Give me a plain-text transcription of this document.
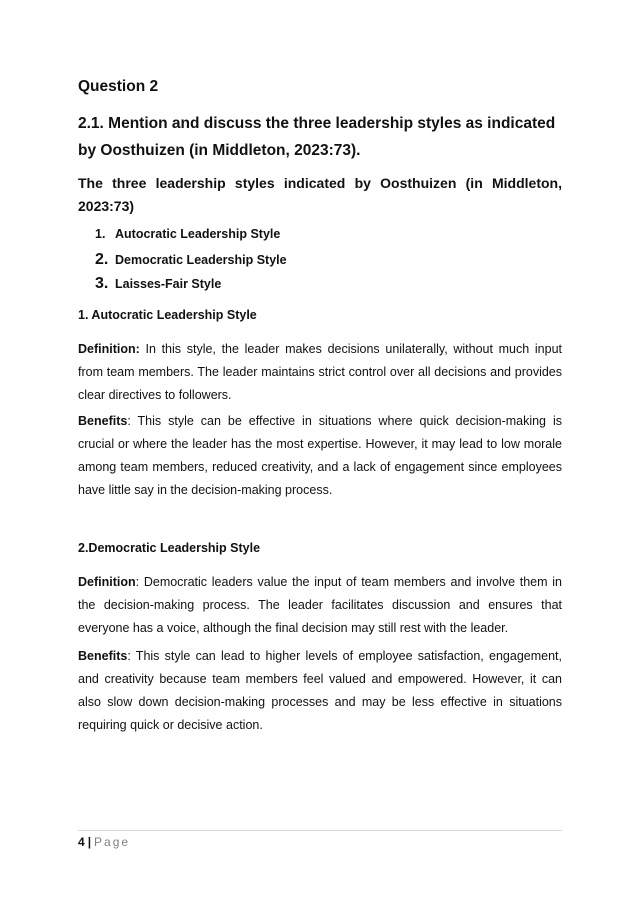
Question 2
2.1. Mention and discuss the three leadership styles as indicated by Oosthuizen (in Middleton, 2023:73).
The three leadership styles indicated by Oosthuizen (in Middleton,
2023:73)
1. Autocratic Leadership Style
2. Democratic Leadership Style
3. Laisses-Fair Style
1. Autocratic Leadership Style

Definition: In this style, the leader makes decisions unilaterally, without much input from team members. The leader maintains strict control over all decisions and provides clear directives to followers.

Benefits: This style can be effective in situations where quick decision-making is crucial or where the leader has the most expertise. However, it may lead to low morale among team members, reduced creativity, and a lack of engagement since employees have little say in the decision-making process.

2.Democratic Leadership Style

Definition: Democratic leaders value the input of team members and involve them in the decision-making process. The leader facilitates discussion and ensures that everyone has a voice, although the final decision may still rest with the leader.

Benefits: This style can lead to higher levels of employee satisfaction, engagement, and creativity because team members feel valued and empowered. However, it can also slow down decision-making processes and may be less effective in situations requiring quick or decisive action.

4 | Page
